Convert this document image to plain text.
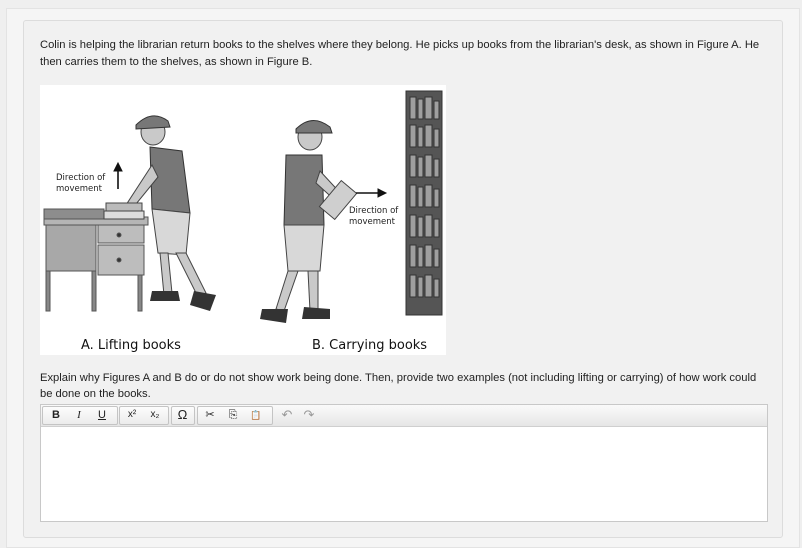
Colin is helping the librarian return books to the shelves where they belong. He picks up books from the librarian's desk, as shown in Figure A. He then carries them to the shelves, as shown in Figure B.
Direction of
movement
Direction of
movement
A. Lifting books	B. Carrying books
Explain why Figures A and B do or do not show work being done. Then, provide two examples (not including lifting or carrying) of how work could be done on the books.
B	I	U	x²	x₂	Ω	✂	⎘	📋	↶ ↷
